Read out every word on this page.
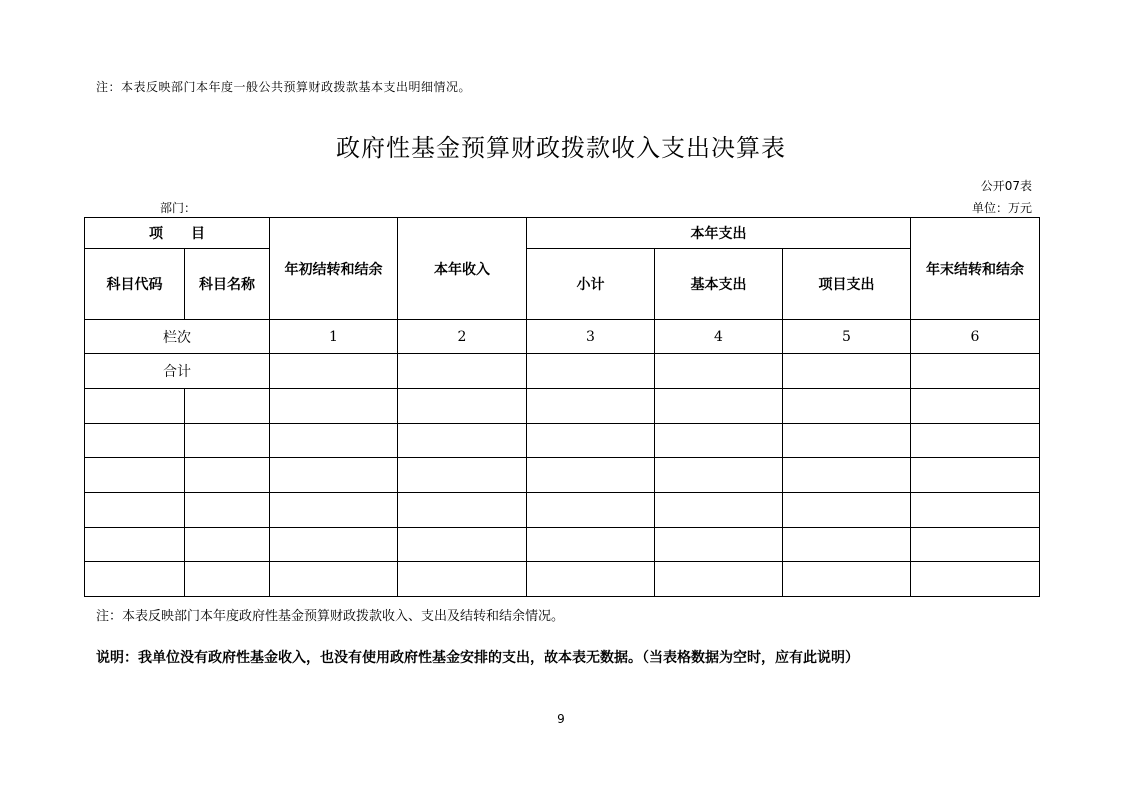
注：本表反映部门本年度一般公共预算财政拨款基本支出明细情况。
政府性基金预算财政拨款收入支出决算表
公开07表
部门：	单位：万元
项　　目		年初结转和结余	本年收入	本年支出			年末结转和结余
科目代码	科目名称			小计	基本支出	项目支出	
栏次		1	2	3	4	5	6
合计							

注：本表反映部门本年度政府性基金预算财政拨款收入、支出及结转和结余情况。
说明：我单位没有政府性基金收入，也没有使用政府性基金安排的支出，故本表无数据。（当表格数据为空时，应有此说明）
9
